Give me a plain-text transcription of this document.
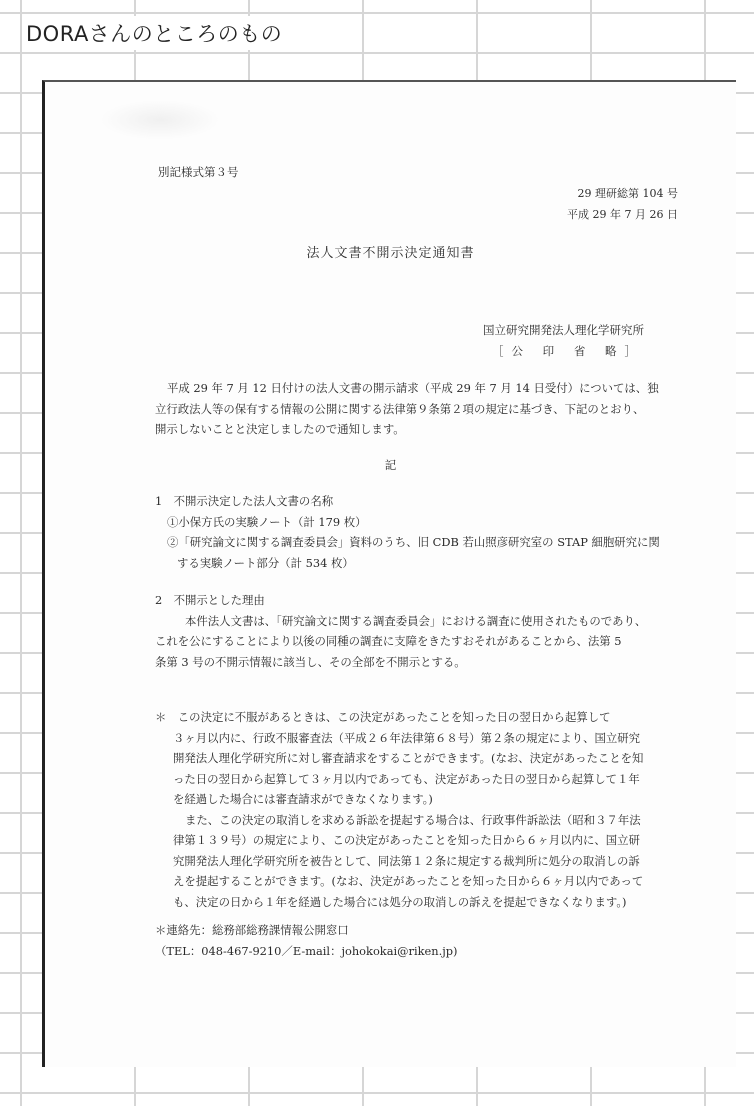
DORAさんのところのもの
別記様式第３号
29 理研総第 104 号
平成 29 年 7 月 26 日
法人文書不開示決定通知書
国立研究開発法人理化学研究所
［公 印 省 略］

平成 29 年 7 月 12 日付けの法人文書の開示請求（平成 29 年 7 月 14 日受付）については、独

立行政法人等の保有する情報の公開に関する法律第９条第２項の規定に基づき、下記のとおり、

開示しないことと決定しましたので通知します。

記

1　不開示決定した法人文書の名称

①小保方氏の実験ノート（計 179 枚）

②「研究論文に関する調査委員会」資料のうち、旧 CDB 若山照彦研究室の STAP 細胞研究に関

する実験ノート部分（計 534 枚）

2　不開示とした理由

本件法人文書は、「研究論文に関する調査委員会」における調査に使用されたものであり、

これを公にすることにより以後の同種の調査に支障をきたすおそれがあることから、法第 5

条第 3 号の不開示情報に該当し、その全部を不開示とする。

＊　この決定に不服があるときは、この決定があったことを知った日の翌日から起算して

３ヶ月以内に、行政不服審査法（平成２６年法律第６８号）第２条の規定により、国立研究

開発法人理化学研究所に対し審査請求をすることができます。(なお、決定があったことを知

った日の翌日から起算して３ヶ月以内であっても、決定があった日の翌日から起算して１年

を経過した場合には審査請求ができなくなります。)

また、この決定の取消しを求める訴訟を提起する場合は、行政事件訴訟法（昭和３７年法

律第１３９号）の規定により、この決定があったことを知った日から６ヶ月以内に、国立研

究開発法人理化学研究所を被告として、同法第１２条に規定する裁判所に処分の取消しの訴

えを提起することができます。(なお、決定があったことを知った日から６ヶ月以内であって

も、決定の日から１年を経過した場合には処分の取消しの訴えを提起できなくなります。)

＊連絡先：総務部総務課情報公開窓口

（TEL：048-467-9210／E-mail：johokokai@riken.jp)
